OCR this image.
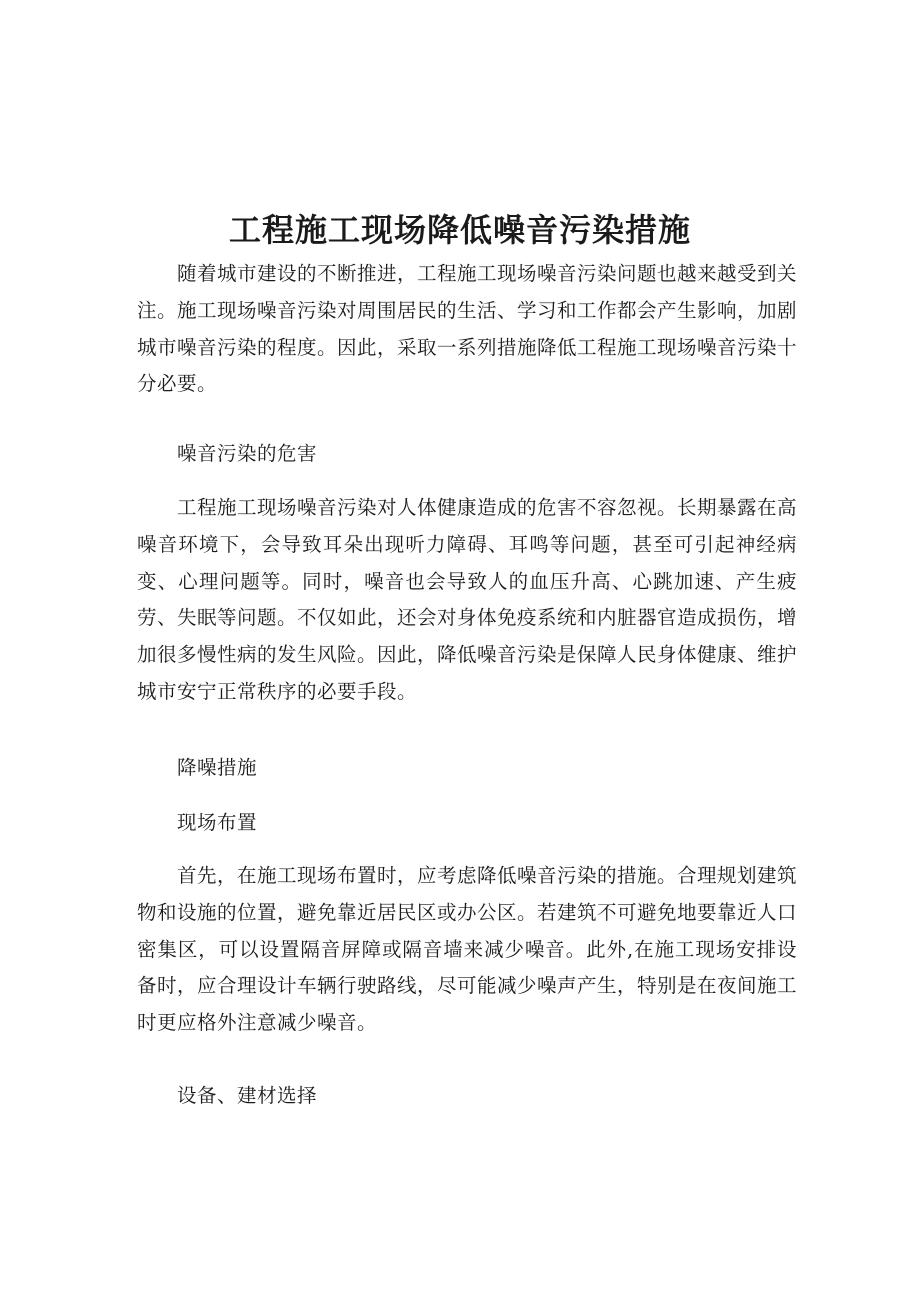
工程施工现场降低噪音污染措施

随着城市建设的不断推进，工程施工现场噪音污染问题也越来越受到关注。施工现场噪音污染对周围居民的生活、学习和工作都会产生影响，加剧城市噪音污染的程度。因此，采取一系列措施降低工程施工现场噪音污染十分必要。

噪音污染的危害

工程施工现场噪音污染对人体健康造成的危害不容忽视。长期暴露在高噪音环境下，会导致耳朵出现听力障碍、耳鸣等问题，甚至可引起神经病变、心理问题等。同时，噪音也会导致人的血压升高、心跳加速、产生疲劳、失眠等问题。不仅如此，还会对身体免疫系统和内脏器官造成损伤，增加很多慢性病的发生风险。因此，降低噪音污染是保障人民身体健康、维护城市安宁正常秩序的必要手段。

降噪措施

现场布置

首先，在施工现场布置时，应考虑降低噪音污染的措施。合理规划建筑物和设施的位置，避免靠近居民区或办公区。若建筑不可避免地要靠近人口密集区，可以设置隔音屏障或隔音墙来减少噪音。此外,在施工现场安排设备时，应合理设计车辆行驶路线，尽可能减少噪声产生，特别是在夜间施工时更应格外注意减少噪音。

设备、建材选择
